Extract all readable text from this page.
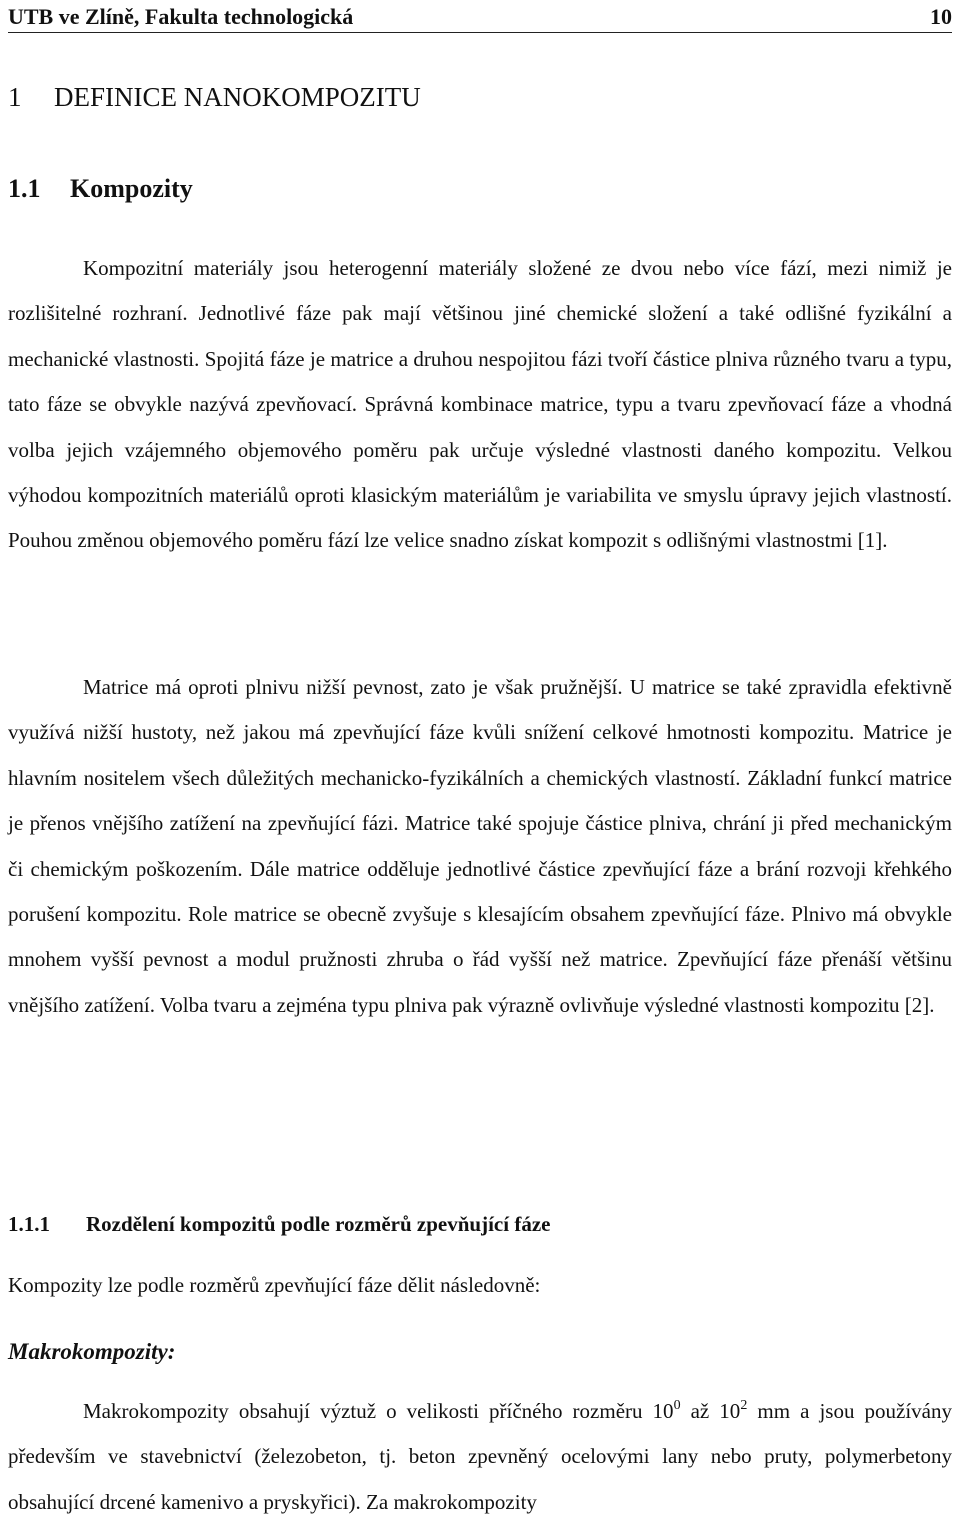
UTB ve Zlíně, Fakulta technologická	10
1 DEFINICE NANOKOMPOZITU
1.1 Kompozity

Kompozitní materiály jsou heterogenní materiály složené ze dvou nebo více fází, mezi nimiž je rozlišitelné rozhraní. Jednotlivé fáze pak mají většinou jiné chemické složení a také odlišné fyzikální a mechanické vlastnosti. Spojitá fáze je matrice a druhou nespojitou fázi tvoří částice plniva různého tvaru a typu, tato fáze se obvykle nazývá zpevňovací. Správná kombinace matrice, typu a tvaru zpevňovací fáze a vhodná volba jejich vzájemného objemového poměru pak určuje výsledné vlastnosti daného kompozitu. Velkou výhodou kompozitních materiálů oproti klasickým materiálům je variabilita ve smyslu úpravy jejich vlastností. Pouhou změnou objemového poměru fází lze velice snadno získat kompozit s odlišnými vlastnostmi [1].

Matrice má oproti plnivu nižší pevnost, zato je však pružnější. U matrice se také zpravidla efektivně využívá nižší hustoty, než jakou má zpevňující fáze kvůli snížení celkové hmotnosti kompozitu. Matrice je hlavním nositelem všech důležitých mechanicko-fyzikálních a chemických vlastností. Základní funkcí matrice je přenos vnějšího zatížení na zpevňující fázi. Matrice také spojuje částice plniva, chrání ji před mechanickým či chemickým poškozením. Dále matrice odděluje jednotlivé částice zpevňující fáze a brání rozvoji křehkého porušení kompozitu. Role matrice se obecně zvyšuje s klesajícím obsahem zpevňující fáze. Plnivo má obvykle mnohem vyšší pevnost a modul pružnosti zhruba o řád vyšší než matrice. Zpevňující fáze přenáší většinu vnějšího zatížení. Volba tvaru a zejména typu plniva pak výrazně ovlivňuje výsledné vlastnosti kompozitu [2].

1.1.1 Rozdělení kompozitů podle rozměrů zpevňující fáze

Kompozity lze podle rozměrů zpevňující fáze dělit následovně:

Makrokompozity:

Makrokompozity obsahují výztuž o velikosti příčného rozměru $10^0$ až $10^2$ mm a jsou používány především ve stavebnictví (železobeton, tj. beton zpevněný ocelovými lany nebo pruty, polymerbetony obsahující drcené kamenivo a pryskyřici). Za makrokompozity
